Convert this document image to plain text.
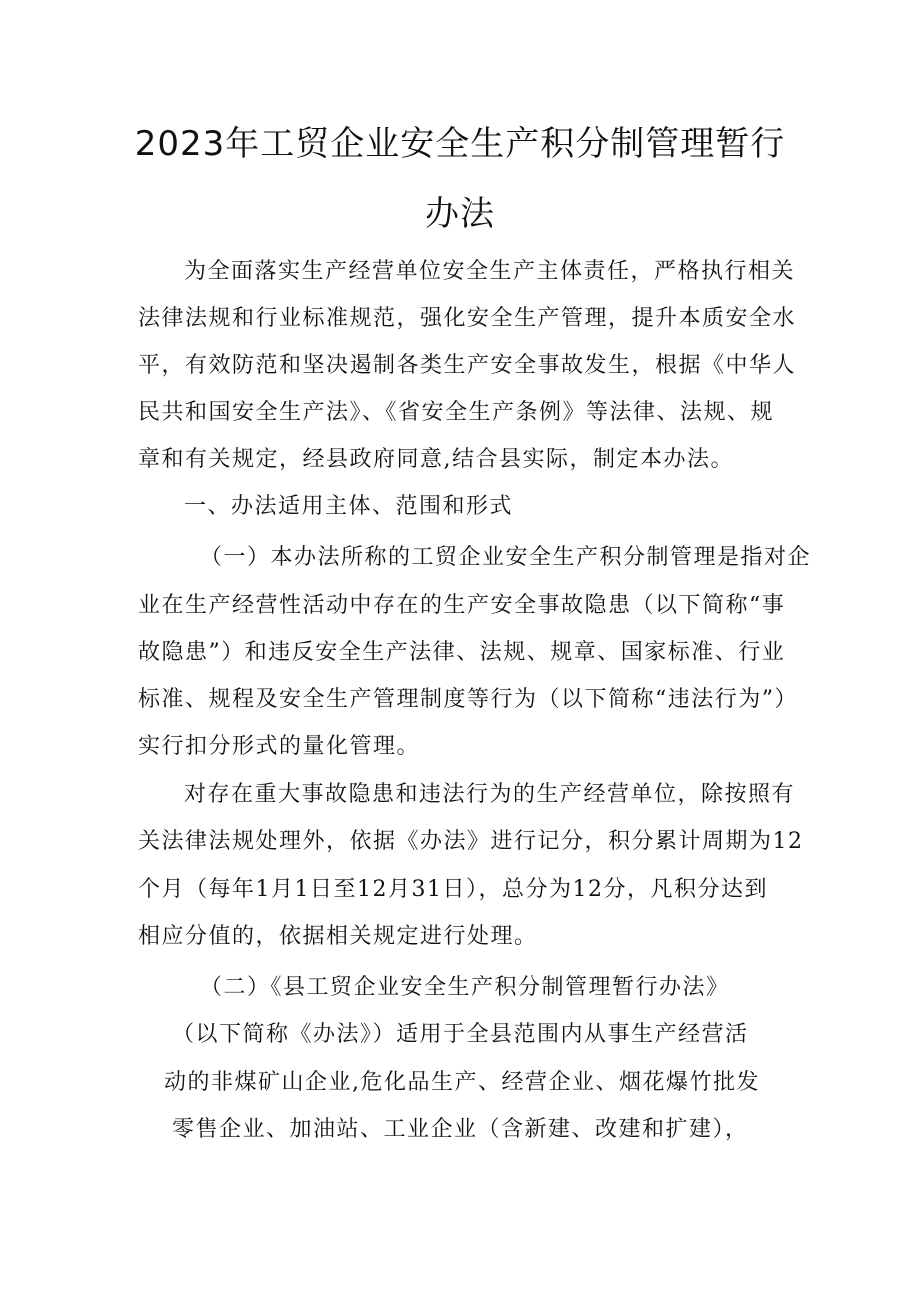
2023年工贸企业安全生产积分制管理暂行
办法
为全面落实生产经营单位安全生产主体责任，严格执行相关
法律法规和行业标准规范，强化安全生产管理，提升本质安全水
平，有效防范和坚决遏制各类生产安全事故发生，根据《中华人
民共和国安全生产法》、《省安全生产条例》等法律、法规、规
章和有关规定，经县政府同意,结合县实际，制定本办法。
一、办法适用主体、范围和形式
（一）本办法所称的工贸企业安全生产积分制管理是指对企
业在生产经营性活动中存在的生产安全事故隐患（以下简称“事
故隐患”）和违反安全生产法律、法规、规章、国家标准、行业
标准、规程及安全生产管理制度等行为（以下简称“违法行为”）
实行扣分形式的量化管理。
对存在重大事故隐患和违法行为的生产经营单位，除按照有
关法律法规处理外，依据《办法》进行记分，积分累计周期为12
个月（每年1月1日至12月31日），总分为12分，凡积分达到
相应分值的，依据相关规定进行处理。
（二）《县工贸企业安全生产积分制管理暂行办法》
（以下简称《办法》）适用于全县范围内从事生产经营活
动的非煤矿山企业,危化品生产、经营企业、烟花爆竹批发
零售企业、加油站、工业企业（含新建、改建和扩建），
